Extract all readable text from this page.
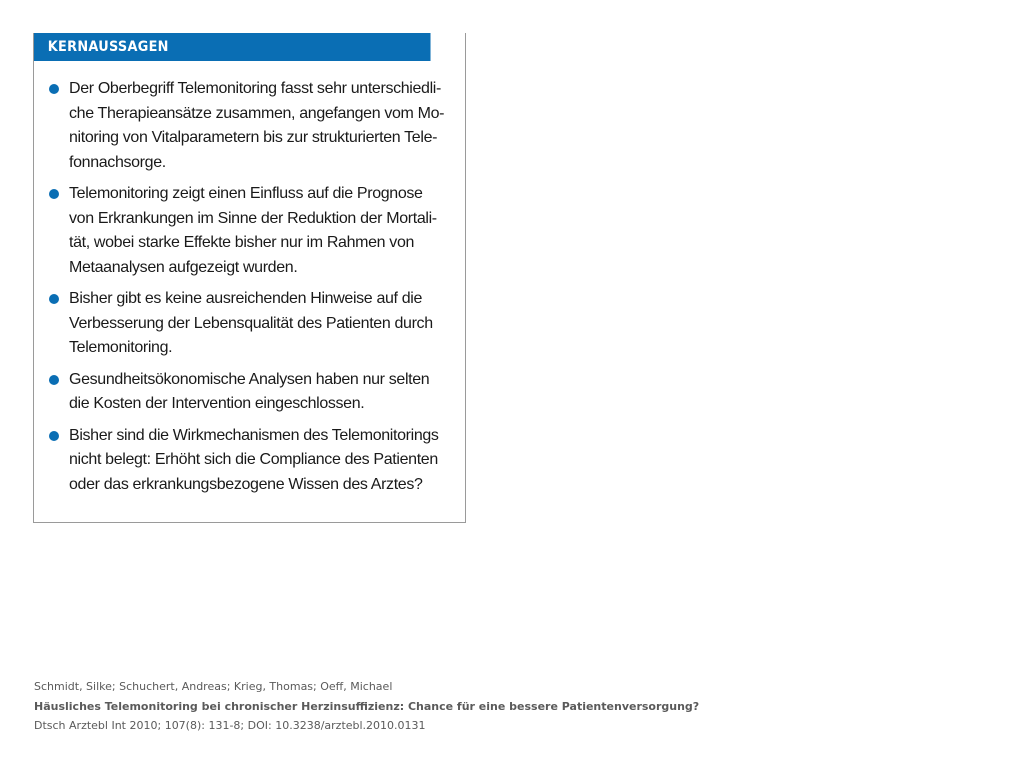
KERNAUSSAGEN
Der Oberbegriff Telemonitoring fasst sehr unterschiedli-
che Therapieansätze zusammen, angefangen vom Mo-
nitoring von Vitalparametern bis zur strukturierten Tele-
fonnachsorge.
Telemonitoring zeigt einen Einfluss auf die Prognose
von Erkrankungen im Sinne der Reduktion der Mortali-
tät, wobei starke Effekte bisher nur im Rahmen von
Metaanalysen aufgezeigt wurden.
Bisher gibt es keine ausreichenden Hinweise auf die
Verbesserung der Lebensqualität des Patienten durch
Telemonitoring.
Gesundheitsökonomische Analysen haben nur selten
die Kosten der Intervention eingeschlossen.
Bisher sind die Wirkmechanismen des Telemonitorings
nicht belegt: Erhöht sich die Compliance des Patienten
oder das erkrankungsbezogene Wissen des Arztes?
Schmidt, Silke; Schuchert, Andreas; Krieg, Thomas; Oeff, Michael
Häusliches Telemonitoring bei chronischer Herzinsuffizienz: Chance für eine bessere Patientenversorgung?
Dtsch Arztebl Int 2010; 107(8): 131-8; DOI: 10.3238/arztebl.2010.0131
